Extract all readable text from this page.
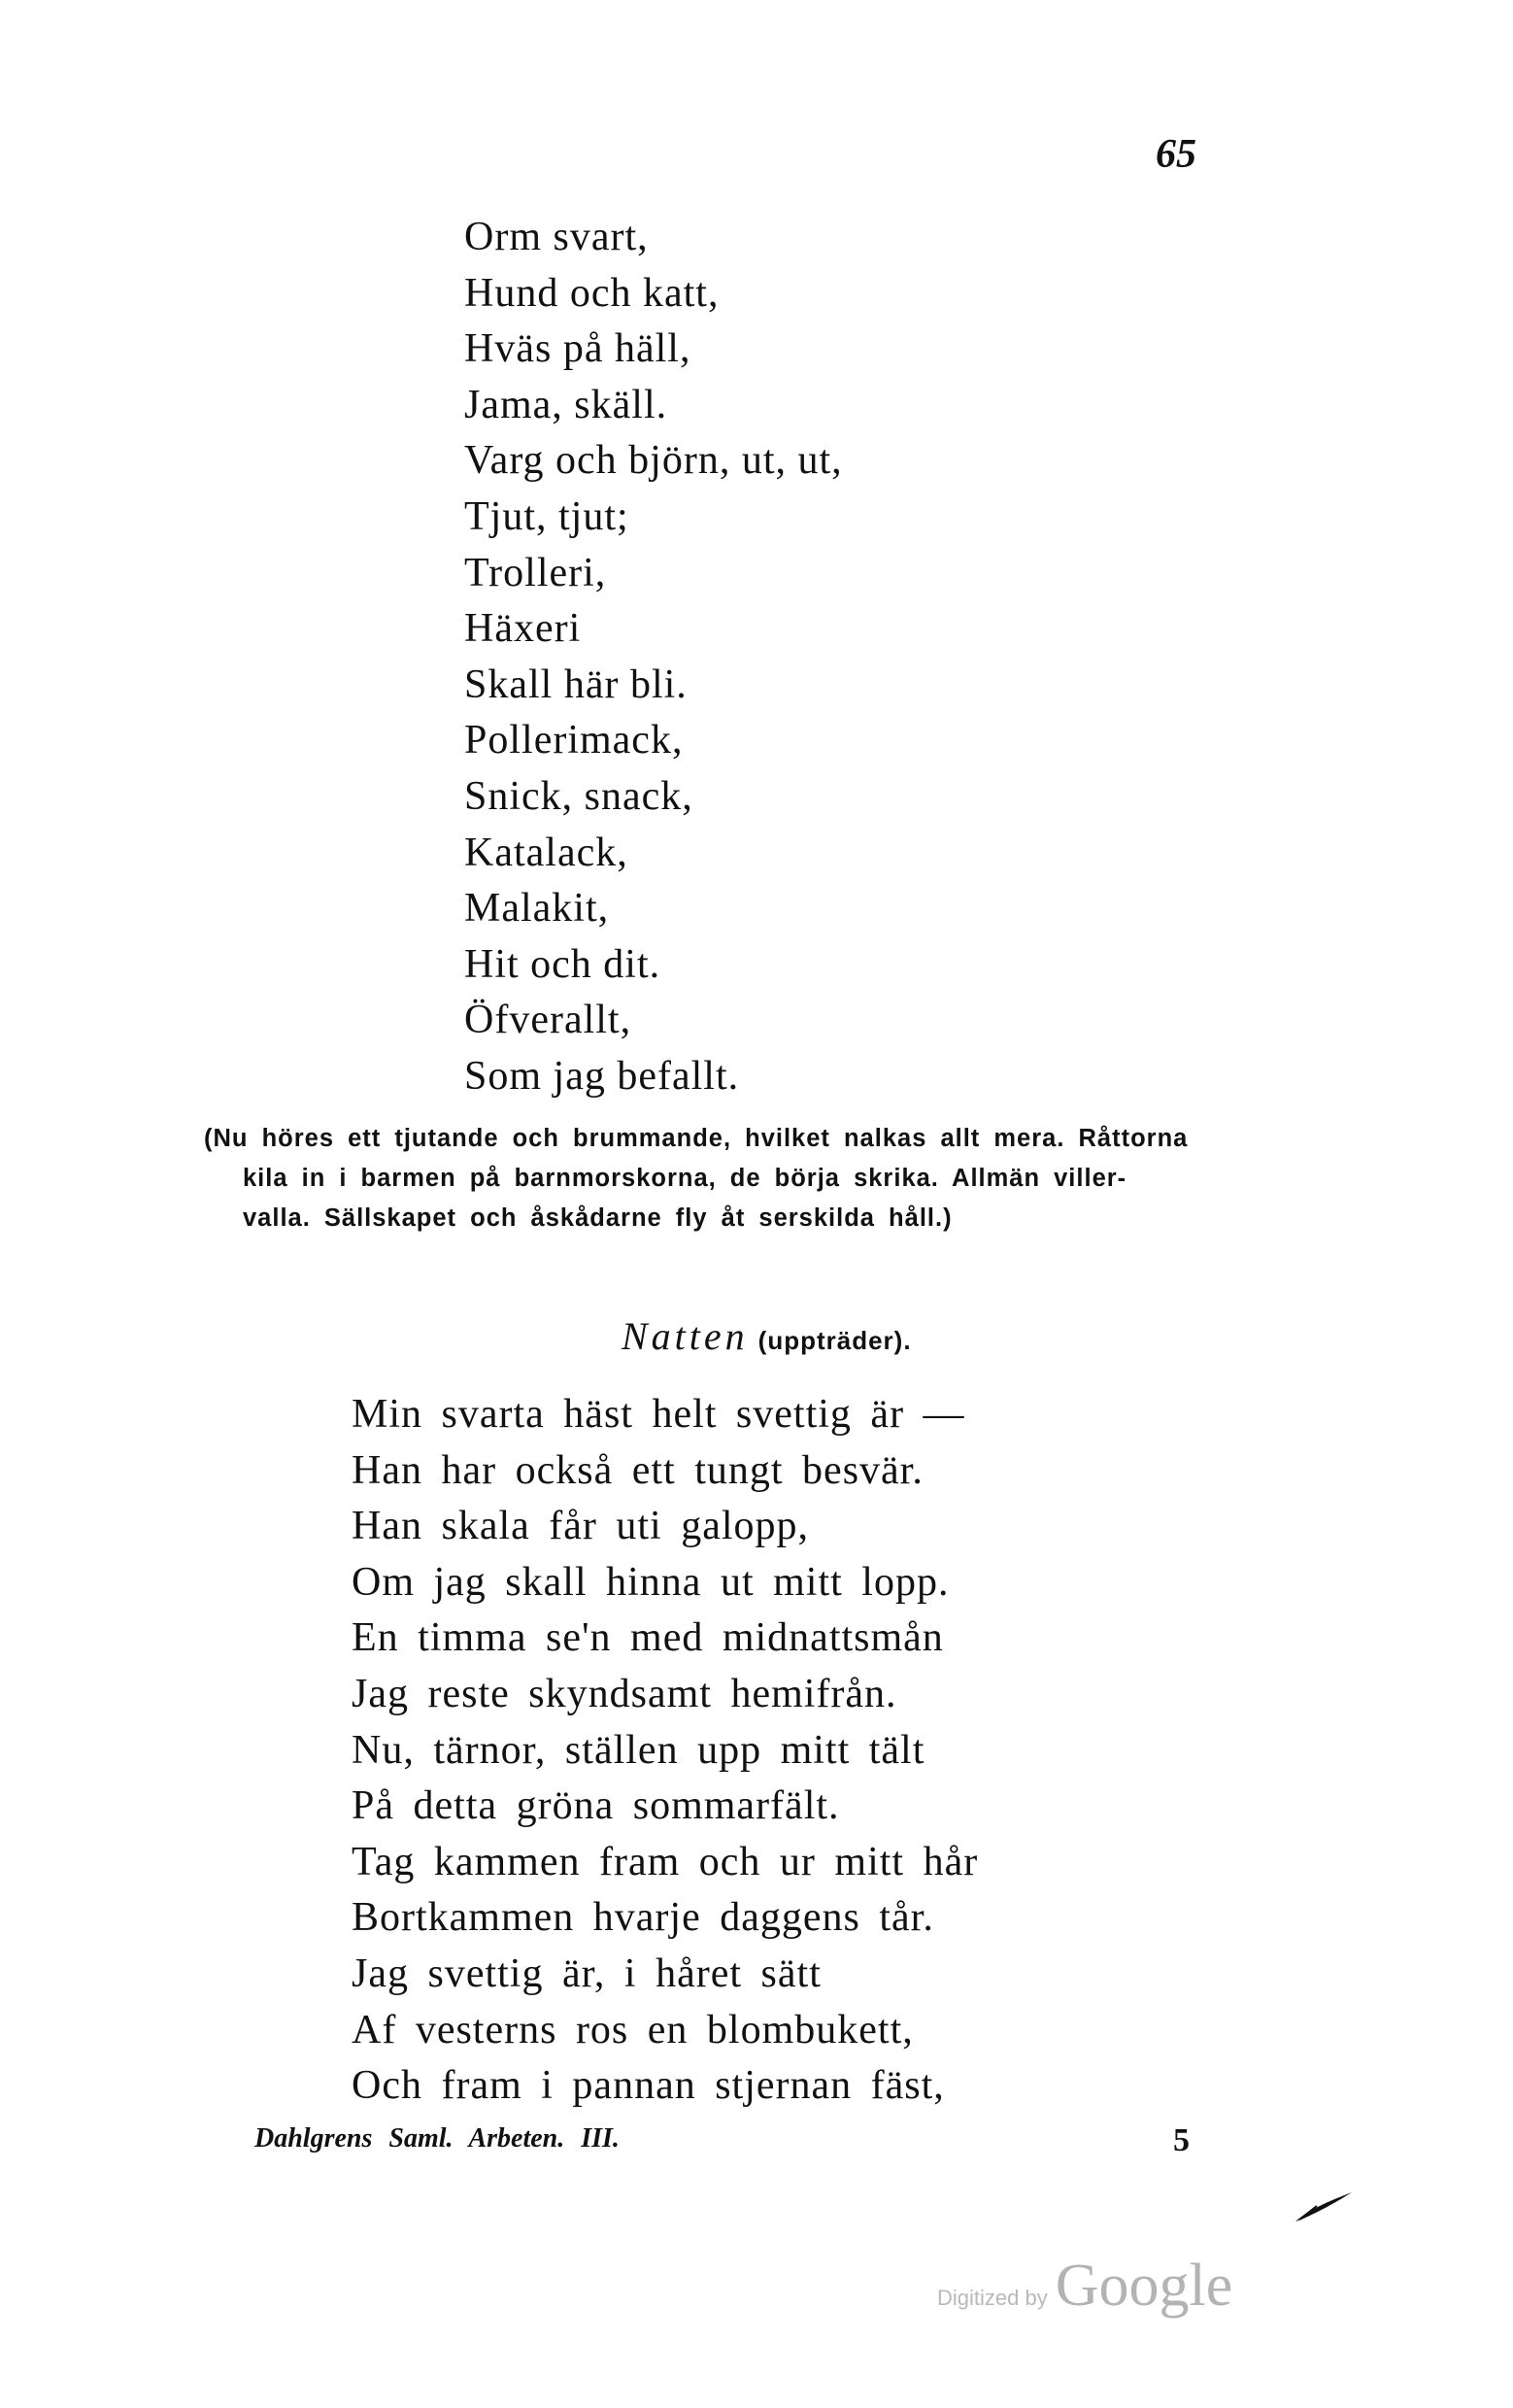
65
Orm svart,
Hund och katt,
Hväs på häll,
Jama, skäll.
Varg och björn, ut, ut,
Tjut, tjut;
Trolleri,
Häxeri
Skall här bli.
Pollerimack,
Snick, snack,
Katalack,
Malakit,
Hit och dit.
Öfverallt,
Som jag befallt.
(Nu höres ett tjutande och brummande, hvilket nalkas allt mera. Råttorna
kila in i barmen på barnmorskorna, de börja skrika. Allmän viller-
valla. Sällskapet och åskådarne fly åt serskilda håll.)
Natten (uppträder).
Min svarta häst helt svettig är —
Han har också ett tungt besvär.
Han skala får uti galopp,
Om jag skall hinna ut mitt lopp.
En timma se'n med midnattsmån
Jag reste skyndsamt hemifrån.
Nu, tärnor, ställen upp mitt tält
På detta gröna sommarfält.
Tag kammen fram och ur mitt hår
Bortkammen hvarje daggens tår.
Jag svettig är, i håret sätt
Af vesterns ros en blombukett,
Och fram i pannan stjernan fäst,
Dahlgrens Saml. Arbeten. III.	5
Digitized by Google
